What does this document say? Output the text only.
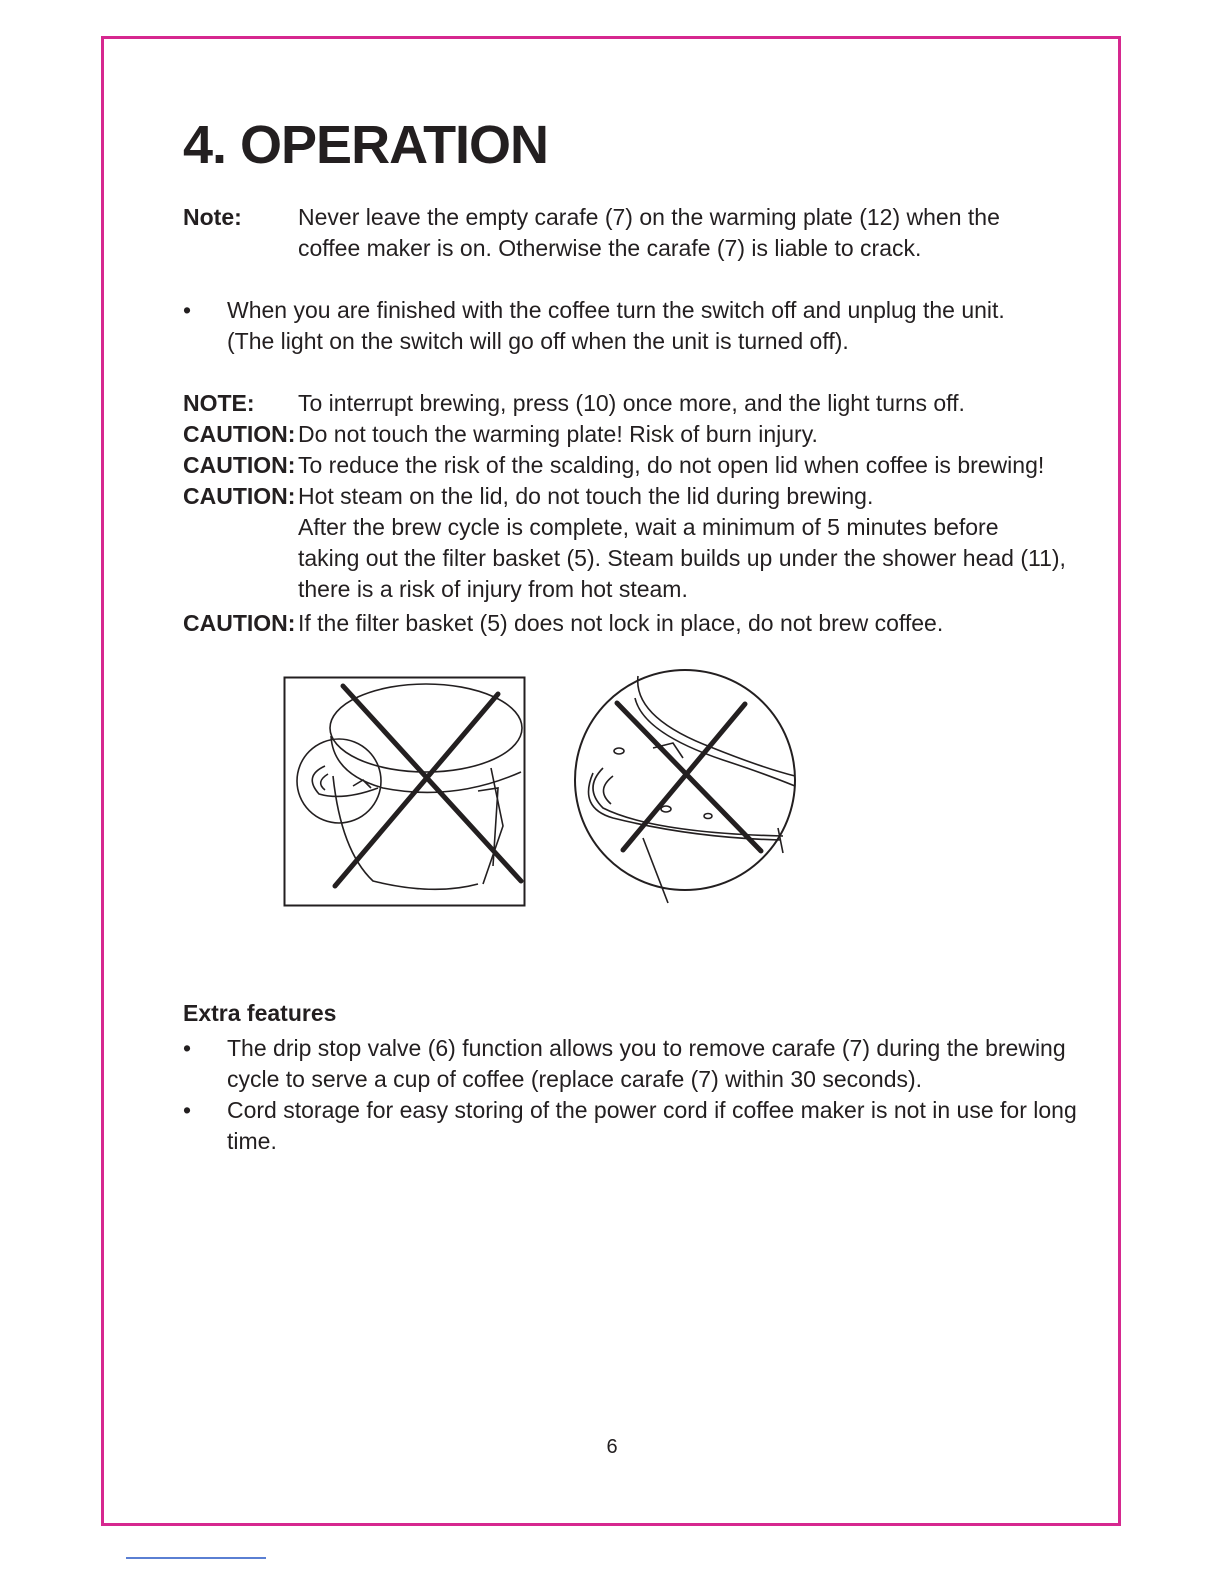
4. OPERATION
Note: Never leave the empty carafe (7) on the warming plate (12) when the
coffee maker is on. Otherwise the carafe (7) is liable to crack.
• When you are finished with the coffee turn the switch off and unplug the unit.
(The light on the switch will go off when the unit is turned off).
NOTE: To interrupt brewing, press (10) once more, and the light turns off.
CAUTION: Do not touch the warming plate! Risk of burn injury.
CAUTION: To reduce the risk of the scalding, do not open lid when coffee is brewing!
CAUTION: Hot steam on the lid, do not touch the lid during brewing.
After the brew cycle is complete, wait a minimum of 5 minutes before
taking out the filter basket (5). Steam builds up under the shower head (11),
there is a risk of injury from hot steam.
CAUTION: If the filter basket (5) does not lock in place, do not brew coffee.
Extra features
• The drip stop valve (6) function allows you to remove carafe (7) during the brewing
cycle to serve a cup of coffee (replace carafe (7) within 30 seconds).
• Cord storage for easy storing of the power cord if coffee maker is not in use for long
time.
6
